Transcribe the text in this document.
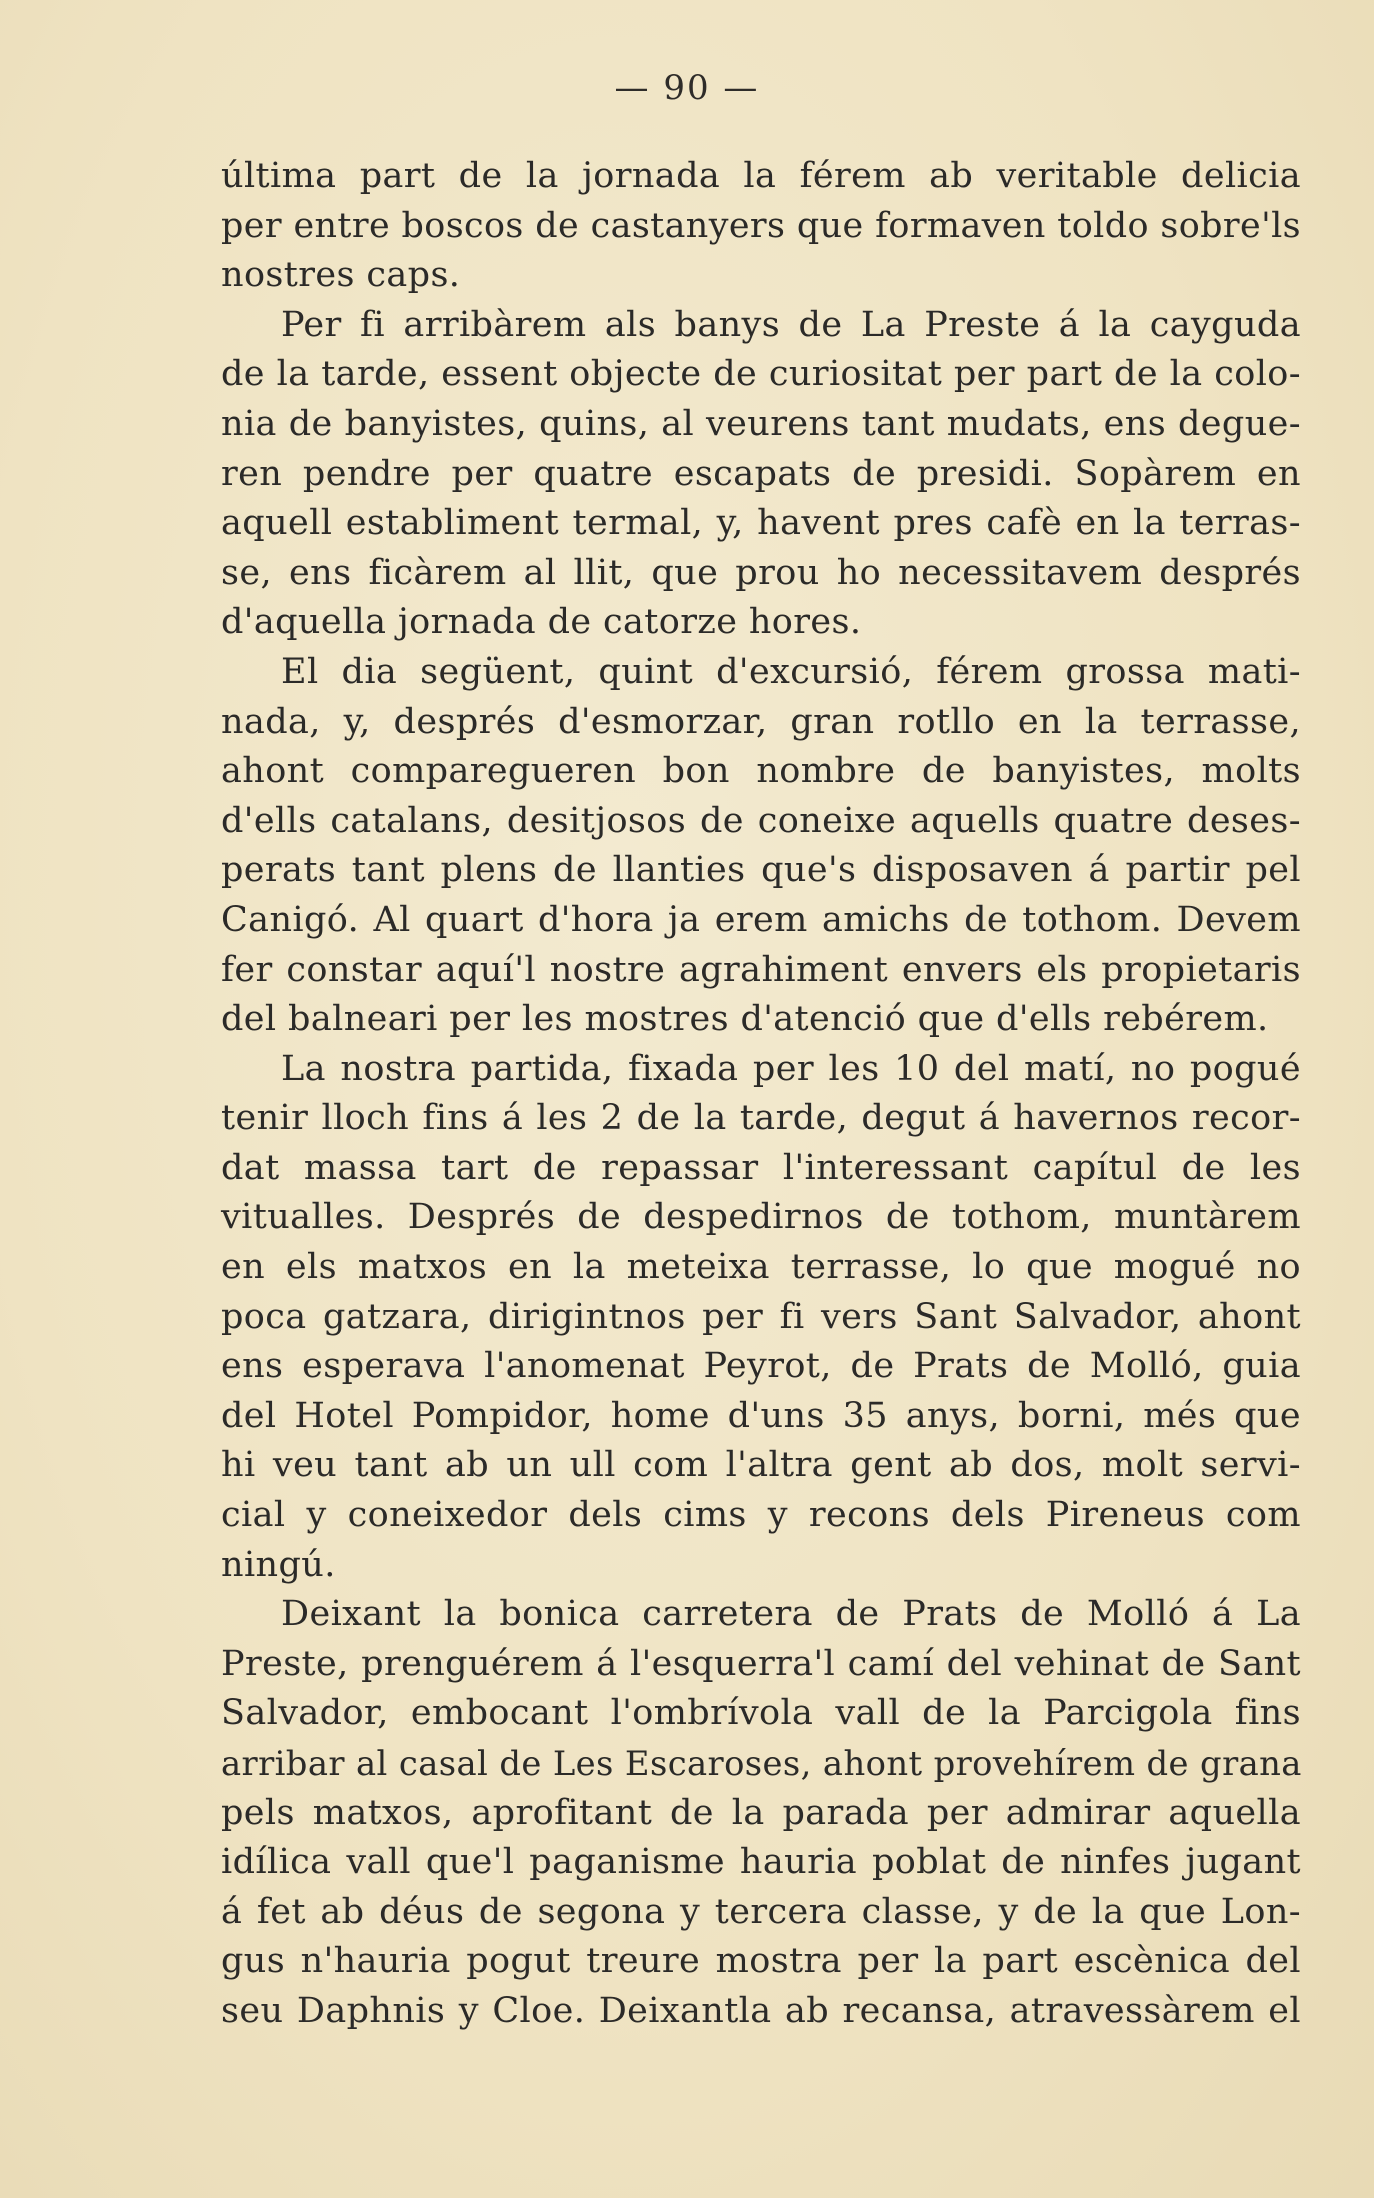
— 90 —
última part de la jornada la férem ab veritable delicia
per entre boscos de castanyers que formaven toldo sobre'ls
nostres caps.
Per fi arribàrem als banys de La Preste á la cayguda
de la tarde, essent objecte de curiositat per part de la colo-
nia de banyistes, quins, al veurens tant mudats, ens degue-
ren pendre per quatre escapats de presidi. Sopàrem en
aquell establiment termal, y, havent pres cafè en la terras-
se, ens ficàrem al llit, que prou ho necessitavem després
d'aquella jornada de catorze hores.
El dia següent, quint d'excursió, férem grossa mati-
nada, y, després d'esmorzar, gran rotllo en la terrasse,
ahont comparegueren bon nombre de banyistes, molts
d'ells catalans, desitjosos de coneixe aquells quatre deses-
perats tant plens de llanties que's disposaven á partir pel
Canigó. Al quart d'hora ja erem amichs de tothom. Devem
fer constar aquí'l nostre agrahiment envers els propietaris
del balneari per les mostres d'atenció que d'ells rebérem.
La nostra partida, fixada per les 10 del matí, no pogué
tenir lloch fins á les 2 de la tarde, degut á havernos recor-
dat massa tart de repassar l'interessant capítul de les
vitualles. Després de despedirnos de tothom, muntàrem
en els matxos en la meteixa terrasse, lo que mogué no
poca gatzara, dirigintnos per fi vers Sant Salvador, ahont
ens esperava l'anomenat Peyrot, de Prats de Molló, guia
del Hotel Pompidor, home d'uns 35 anys, borni, més que
hi veu tant ab un ull com l'altra gent ab dos, molt servi-
cial y coneixedor dels cims y recons dels Pireneus com
ningú.
Deixant la bonica carretera de Prats de Molló á La
Preste, prenguérem á l'esquerra'l camí del vehinat de Sant
Salvador, embocant l'ombrívola vall de la Parcigola fins
arribar al casal de Les Escaroses, ahont provehírem de grana
pels matxos, aprofitant de la parada per admirar aquella
idílica vall que'l paganisme hauria poblat de ninfes jugant
á fet ab déus de segona y tercera classe, y de la que Lon-
gus n'hauria pogut treure mostra per la part escènica del
seu Daphnis y Cloe. Deixantla ab recansa, atravessàrem el
